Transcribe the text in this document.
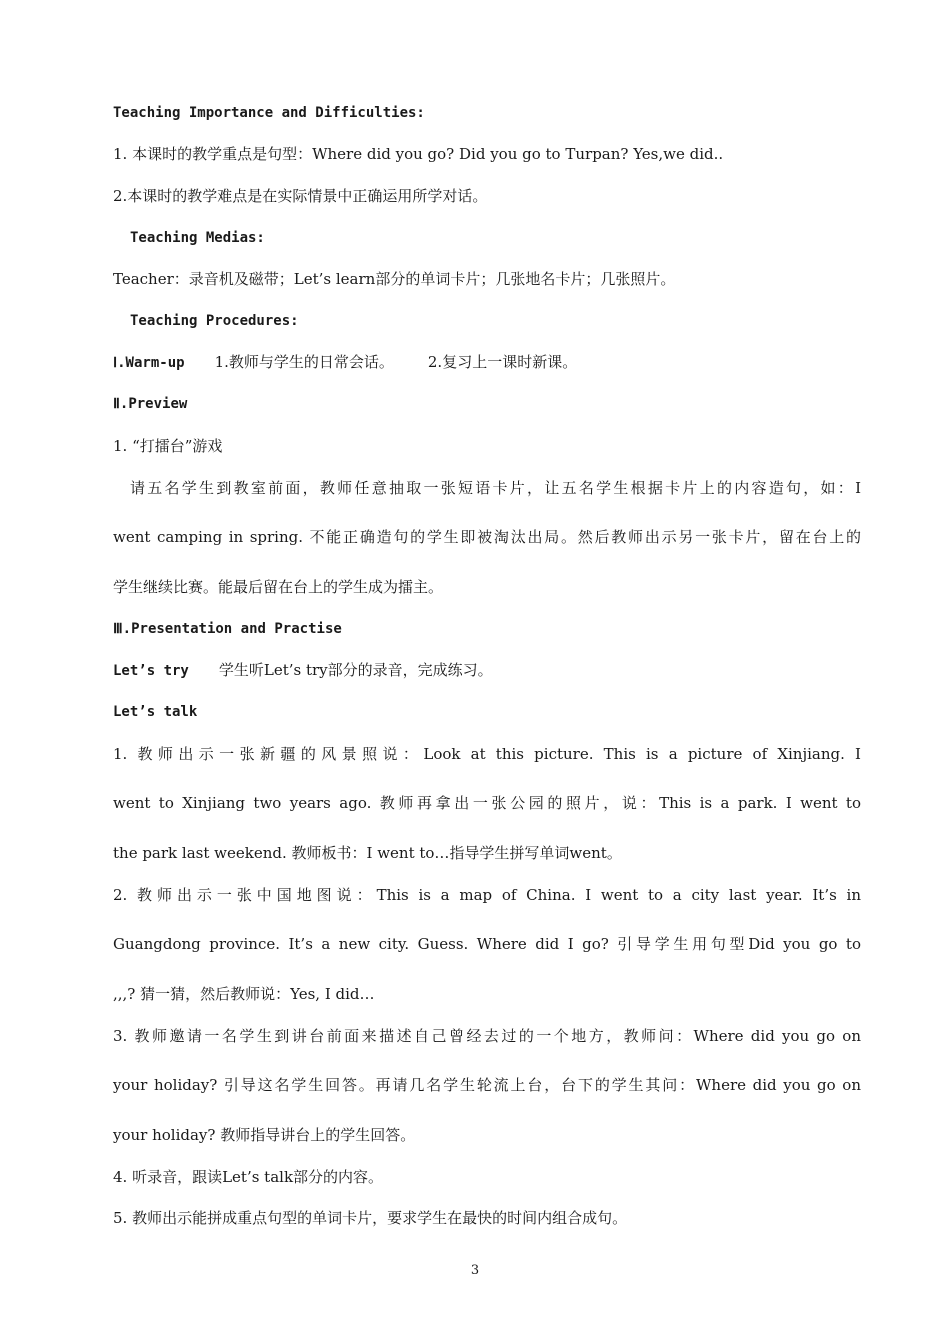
Teaching Importance and Difficulties:
1. 本课时的教学重点是句型：Where did you go? Did you go to Turpan? Yes,we did..
2.本课时的教学难点是在实际情景中正确运用所学对话。
Teaching Medias:
Teacher：录音机及磁带；Let’s learn部分的单词卡片；几张地名卡片；几张照片。
Teaching Procedures:
Ⅰ.Warm-up 1.教师与学生的日常会话。 2.复习上一课时新课。
Ⅱ.Preview
1. “打擂台”游戏
请五名学生到教室前面，教师任意抽取一张短语卡片，让五名学生根据卡片上的内容造句，如：I
went camping in spring. 不能正确造句的学生即被淘汰出局。然后教师出示另一张卡片，留在台上的
学生继续比赛。能最后留在台上的学生成为擂主。
Ⅲ.Presentation and Practise
Let’s try 学生听Let’s try部分的录音，完成练习。
Let’s talk
1. 教师出示一张新疆的风景照说：Look at this picture. This is a picture of Xinjiang. I
went to Xinjiang two years ago. 教师再拿出一张公园的照片，说：This is a park. I went to
the park last weekend. 教师板书：I went to…指导学生拼写单词went。
2. 教师出示一张中国地图说：This is a map of China. I went to a city last year. It’s in
Guangdong province. It’s a new city. Guess. Where did I go? 引导学生用句型Did you go to
,,,? 猜一猜，然后教师说：Yes, I did…
3. 教师邀请一名学生到讲台前面来描述自己曾经去过的一个地方，教师问：Where did you go on
your holiday? 引导这名学生回答。再请几名学生轮流上台，台下的学生其问：Where did you go on
your holiday? 教师指导讲台上的学生回答。
4. 听录音，跟读Let’s talk部分的内容。
5. 教师出示能拼成重点句型的单词卡片，要求学生在最快的时间内组合成句。
3
